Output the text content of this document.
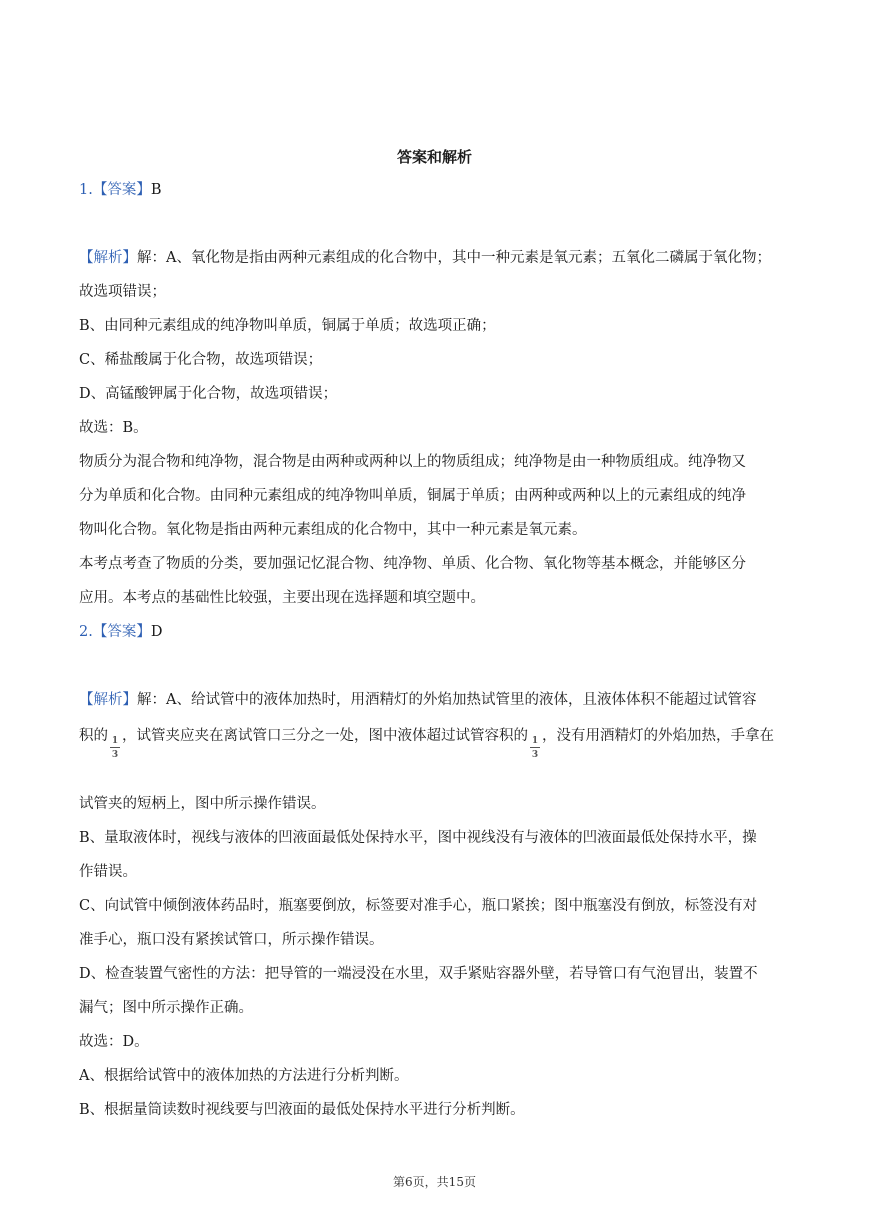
答案和解析
1.【答案】B
【解析】解：A、氧化物是指由两种元素组成的化合物中，其中一种元素是氧元素；五氧化二磷属于氧化物；
故选项错误；
B、由同种元素组成的纯净物叫单质，铜属于单质；故选项正确；
C、稀盐酸属于化合物，故选项错误；
D、高锰酸钾属于化合物，故选项错误；
故选：B。
物质分为混合物和纯净物，混合物是由两种或两种以上的物质组成；纯净物是由一种物质组成。纯净物又
分为单质和化合物。由同种元素组成的纯净物叫单质，铜属于单质；由两种或两种以上的元素组成的纯净
物叫化合物。氧化物是指由两种元素组成的化合物中，其中一种元素是氧元素。
本考点考查了物质的分类，要加强记忆混合物、纯净物、单质、化合物、氧化物等基本概念，并能够区分
应用。本考点的基础性比较强，主要出现在选择题和填空题中。
2.【答案】D
【解析】解：A、给试管中的液体加热时，用酒精灯的外焰加热试管里的液体，且液体体积不能超过试管容
积的 $\frac{1}{3}$ ，试管夹应夹在离试管口三分之一处，图中液体超过试管容积的 $\frac{1}{3}$ ，没有用酒精灯的外焰加热，手拿在
试管夹的短柄上，图中所示操作错误。
B、量取液体时，视线与液体的凹液面最低处保持水平，图中视线没有与液体的凹液面最低处保持水平，操
作错误。
C、向试管中倾倒液体药品时，瓶塞要倒放，标签要对准手心，瓶口紧挨；图中瓶塞没有倒放，标签没有对
准手心，瓶口没有紧挨试管口，所示操作错误。
D、检查装置气密性的方法：把导管的一端浸没在水里，双手紧贴容器外壁，若导管口有气泡冒出，装置不
漏气；图中所示操作正确。
故选：D。
A、根据给试管中的液体加热的方法进行分析判断。
B、根据量筒读数时视线要与凹液面的最低处保持水平进行分析判断。
第6页，共15页
